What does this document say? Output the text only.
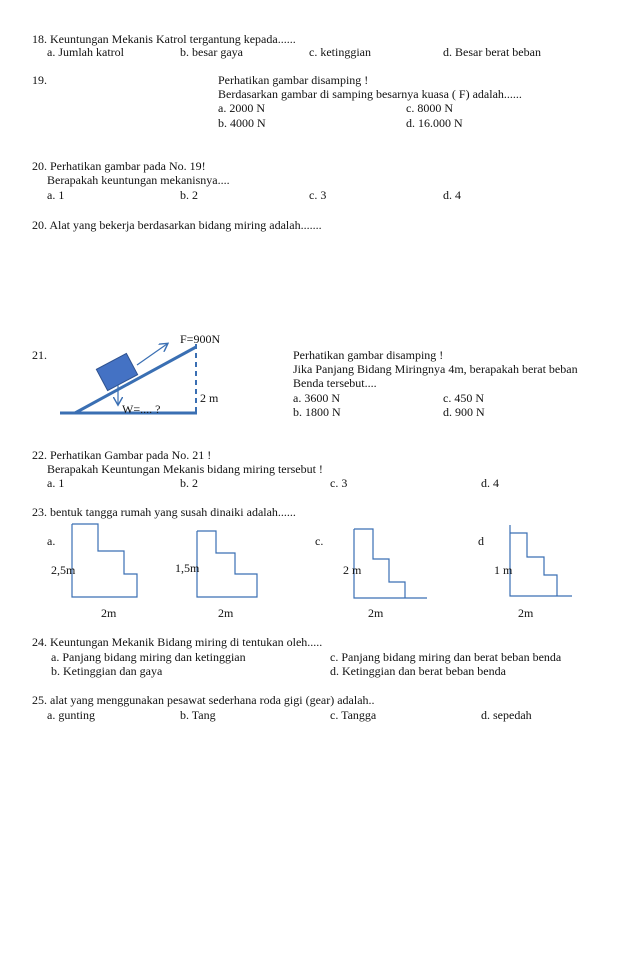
18. Keuntungan Mekanis Katrol tergantung kepada......
a. Jumlah katrol	b. besar gaya	c. ketinggian	d. Besar berat beban
19.	Perhatikan gambar disamping !
Berdasarkan gambar di samping besarnya kuasa ( F) adalah......
a. 2000 N	c. 8000 N
b. 4000 N	d. 16.000 N
20. Perhatikan gambar pada No. 19!
Berapakah keuntungan mekanisnya....
a. 1	b. 2	c. 3	d. 4
20. Alat yang bekerja berdasarkan bidang miring adalah.......
F=900N
21.
2 m
W=.... ?
Perhatikan gambar disamping !
Jika Panjang Bidang Miringnya 4m, berapakah berat beban
Benda tersebut....
a. 3600 N	c. 450 N
b. 1800 N	d. 900 N
22. Perhatikan Gambar pada No. 21 !
Berapakah Keuntungan Mekanis bidang miring tersebut !
a. 1	b. 2	c. 3	d. 4
23. bentuk tangga rumah yang susah dinaiki adalah......
a.	c.	d
2,5m	1,5m	2 m	1 m
2m	2m	2m	2m
24. Keuntungan Mekanik Bidang miring di tentukan oleh.....
a. Panjang bidang miring dan ketinggian	c. Panjang bidang miring dan berat beban benda
b. Ketinggian dan gaya	d. Ketinggian dan berat beban benda
25. alat yang menggunakan pesawat sederhana roda gigi (gear) adalah..
a. gunting	b. Tang	c. Tangga	d. sepedah
